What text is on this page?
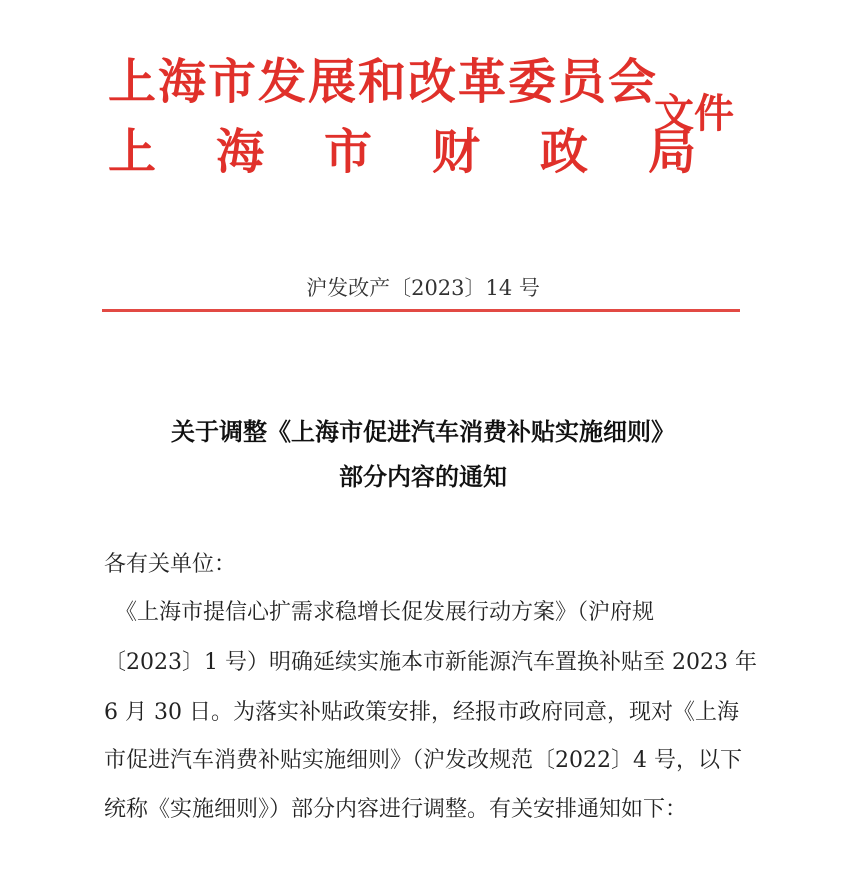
上海市发展和改革委员会
上海市财政局
文件
沪发改产〔2023〕14 号
关于调整《上海市促进汽车消费补贴实施细则》
部分内容的通知
各有关单位：
　《上海市提信心扩需求稳增长促发展行动方案》（沪府规
〔2023〕1 号）明确延续实施本市新能源汽车置换补贴至 2023 年
6 月 30 日。为落实补贴政策安排，经报市政府同意，现对《上海
市促进汽车消费补贴实施细则》（沪发改规范〔2022〕4 号，以下
统称《实施细则》）部分内容进行调整。有关安排通知如下：
